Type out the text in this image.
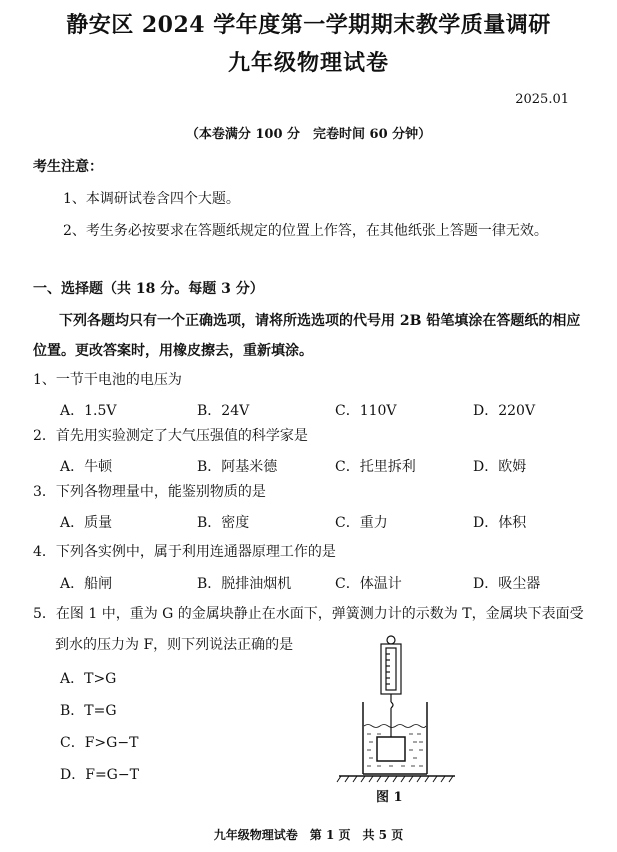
静安区 2024 学年度第一学期期末教学质量调研
九年级物理试卷
2025.01
（本卷满分 100 分　完卷时间 60 分钟）
考生注意：
1、本调研试卷含四个大题。
2、考生务必按要求在答题纸规定的位置上作答，在其他纸张上答题一律无效。
一、选择题（共 18 分。每题 3 分）
下列各题均只有一个正确选项，请将所选选项的代号用 2B 铅笔填涂在答题纸的相应
位置。更改答案时，用橡皮擦去，重新填涂。
1、一节干电池的电压为
A．1.5V	B．24V	C．110V	D．220V
2．首先用实验测定了大气压强值的科学家是
A．牛顿	B．阿基米德	C．托里拆利	D．欧姆
3．下列各物理量中，能鉴别物质的是
A．质量	B．密度	C．重力	D．体积
4．下列各实例中，属于利用连通器原理工作的是
A．船闸	B．脱排油烟机	C．体温计	D．吸尘器
5．在图 1 中，重为 G 的金属块静止在水面下，弹簧测力计的示数为 T，金属块下表面受
到水的压力为 F，则下列说法正确的是
A．T>G
B．T=G
C．F>G−T
D．F=G−T
图 1
九年级物理试卷　第 1 页　共 5 页
